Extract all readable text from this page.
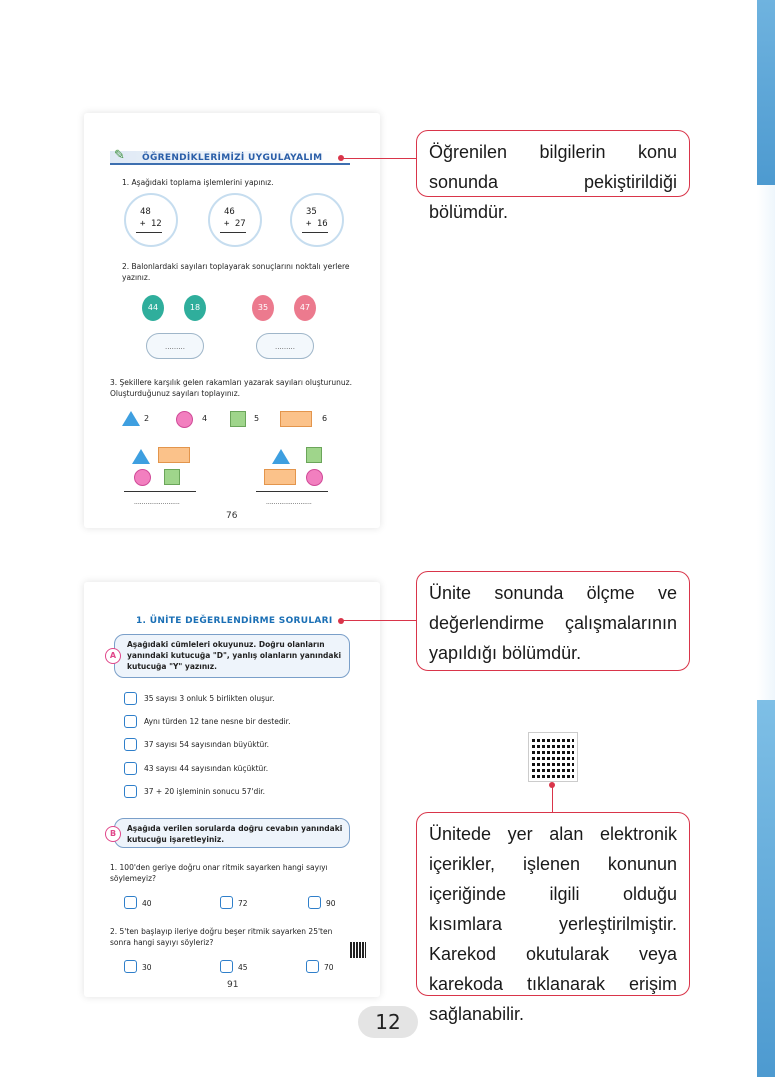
✎ ÖĞRENDİKLERİMİZİ UYGULAYALIM
1. Aşağıdaki toplama işlemlerini yapınız.
48
+ 12
46
+ 27
35
+ 16
2. Balonlardaki sayıları toplayarak sonuçlarını noktalı yerlere yazınız.
44	18	35	47
.........	.........
3. Şekillere karşılık gelen rakamları yazarak sayıları oluşturunuz. Oluşturduğunuz sayıları toplayınız.
2	4	5	6
........................	........................
76
1. ÜNİTE DEĞERLENDİRME SORULARI
Aşağıdaki cümleleri okuyunuz. Doğru olanların yanındaki kutucuğa "D", yanlış olanların yanındaki kutucuğa "Y" yazınız.
A
35 sayısı 3 onluk 5 birlikten oluşur.
Aynı türden 12 tane nesne bir destedir.
37 sayısı 54 sayısından büyüktür.
43 sayısı 44 sayısından küçüktür.
37 + 20 işleminin sonucu 57'dir.
Aşağıda verilen sorularda doğru cevabın yanındaki kutucuğu işaretleyiniz.
B
1. 100'den geriye doğru onar ritmik sayarken hangi sayıyı söylemeyiz?
40	72	90
2. 5'ten başlayıp ileriye doğru beşer ritmik sayarken 25'ten sonra hangi sayıyı söyleriz?
30	45	70
91
Öğrenilen bilgilerin konu sonunda pekiştirildiği bölümdür.
Ünite sonunda ölçme ve değerlendirme çalışmalarının yapıldığı bölümdür.
Ünitede yer alan elektronik içerikler, işlenen konunun içeriğinde ilgili olduğu kısımlara yerleştirilmiştir. Karekod okutularak veya karekoda tıklanarak erişim sağlanabilir.
12
